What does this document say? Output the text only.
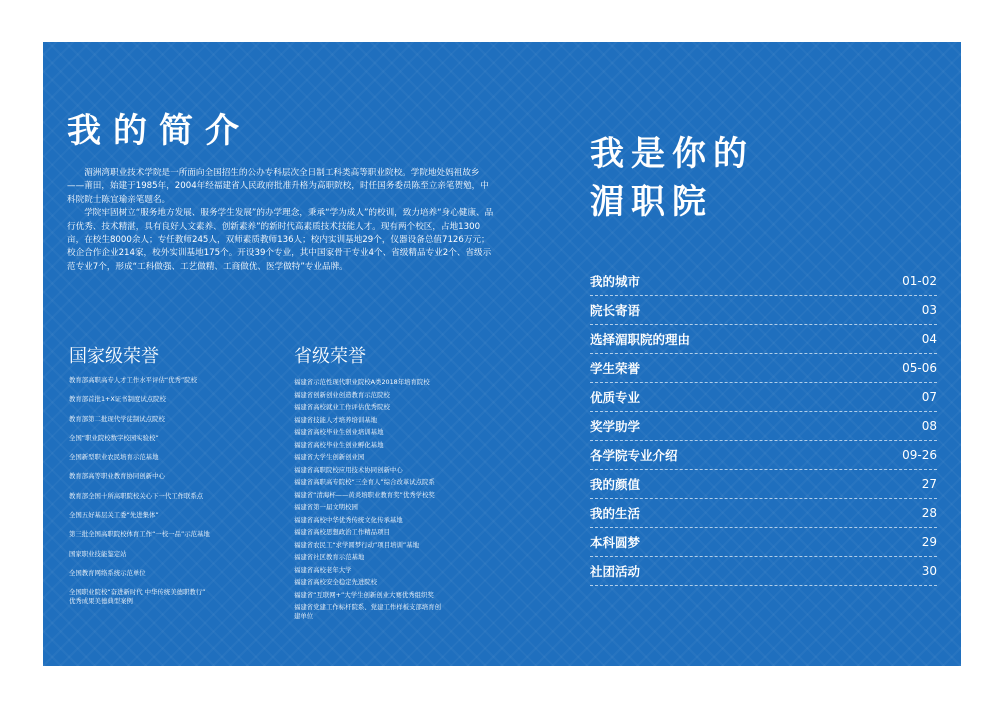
我的简介

湄洲湾职业技术学院是一所面向全国招生的公办专科层次全日制工科类高等职业院校。学院地处妈祖故乡——莆田，始建于1985年，2004年经福建省人民政府批准升格为高职院校，时任国务委员陈至立亲笔贺勉，中科院院士陈宜瑜亲笔题名。

学院牢固树立“服务地方发展、服务学生发展”的办学理念，秉承“学为成人”的校训，致力培养“身心健康、品行优秀、技术精湛，具有良好人文素养、创新素养”的新时代高素质技术技能人才。现有两个校区，占地1300亩，在校生8000余人；专任教师245人，双师素质教师136人；校内实训基地29个，仪器设备总值7126万元；校企合作企业214家，校外实训基地175个。开设39个专业，其中国家骨干专业4个、省级精品专业2个、省级示范专业7个，形成“工科做强、工艺做精、工商做优、医学做特”专业品牌。

国家级荣誉
教育部高职高专人才工作水平评估“优秀”院校
教育部首批1+X证书制度试点院校
教育部第二批现代学徒制试点院校
全国“职业院校数字校园实验校”
全国新型职业农民培育示范基地
教育部高等职业教育协同创新中心
教育部全国十所高职院校关心下一代工作联系点
全国五好基层关工委“先进集体”
第三批全国高职院校体育工作“一校一品”示范基地
国家职业技能鉴定站
全国教育网络系统示范单位
全国职业院校“奋进新时代 中华传统美德职教行”
优秀成果美德典型案例
省级荣誉
福建省示范性现代职业院校A类2018年培育院校
福建省创新创业创造教育示范院校
福建省高校就业工作评估优秀院校
福建省技能人才培养培训基地
福建省高校毕业生创业培训基地
福建省高校毕业生创业孵化基地
福建省大学生创新创业园
福建省高职院校应用技术协同创新中心
福建省高职高专院校“三全育人”综合改革试点院系
福建省“清海杯——黄炎培职业教育奖”优秀学校奖
福建省第一届文明校园
福建省高校中华优秀传统文化传承基地
福建省高校思想政治工作精品项目
福建省农民工“求学圆梦行动”项目培训”基地
福建省社区教育示范基地
福建省高校老年大学
福建省高校安全稳定先进院校
福建省“互联网+”大学生创新创业大赛优秀组织奖
福建省党建工作标杆院系、党建工作样板支部培育创
建单位
我是你的
湄职院
我的城市	01-02
院长寄语	03
选择湄职院的理由	04
学生荣誉	05-06
优质专业	07
奖学助学	08
各学院专业介绍	09-26
我的颜值	27
我的生活	28
本科圆梦	29
社团活动	30
